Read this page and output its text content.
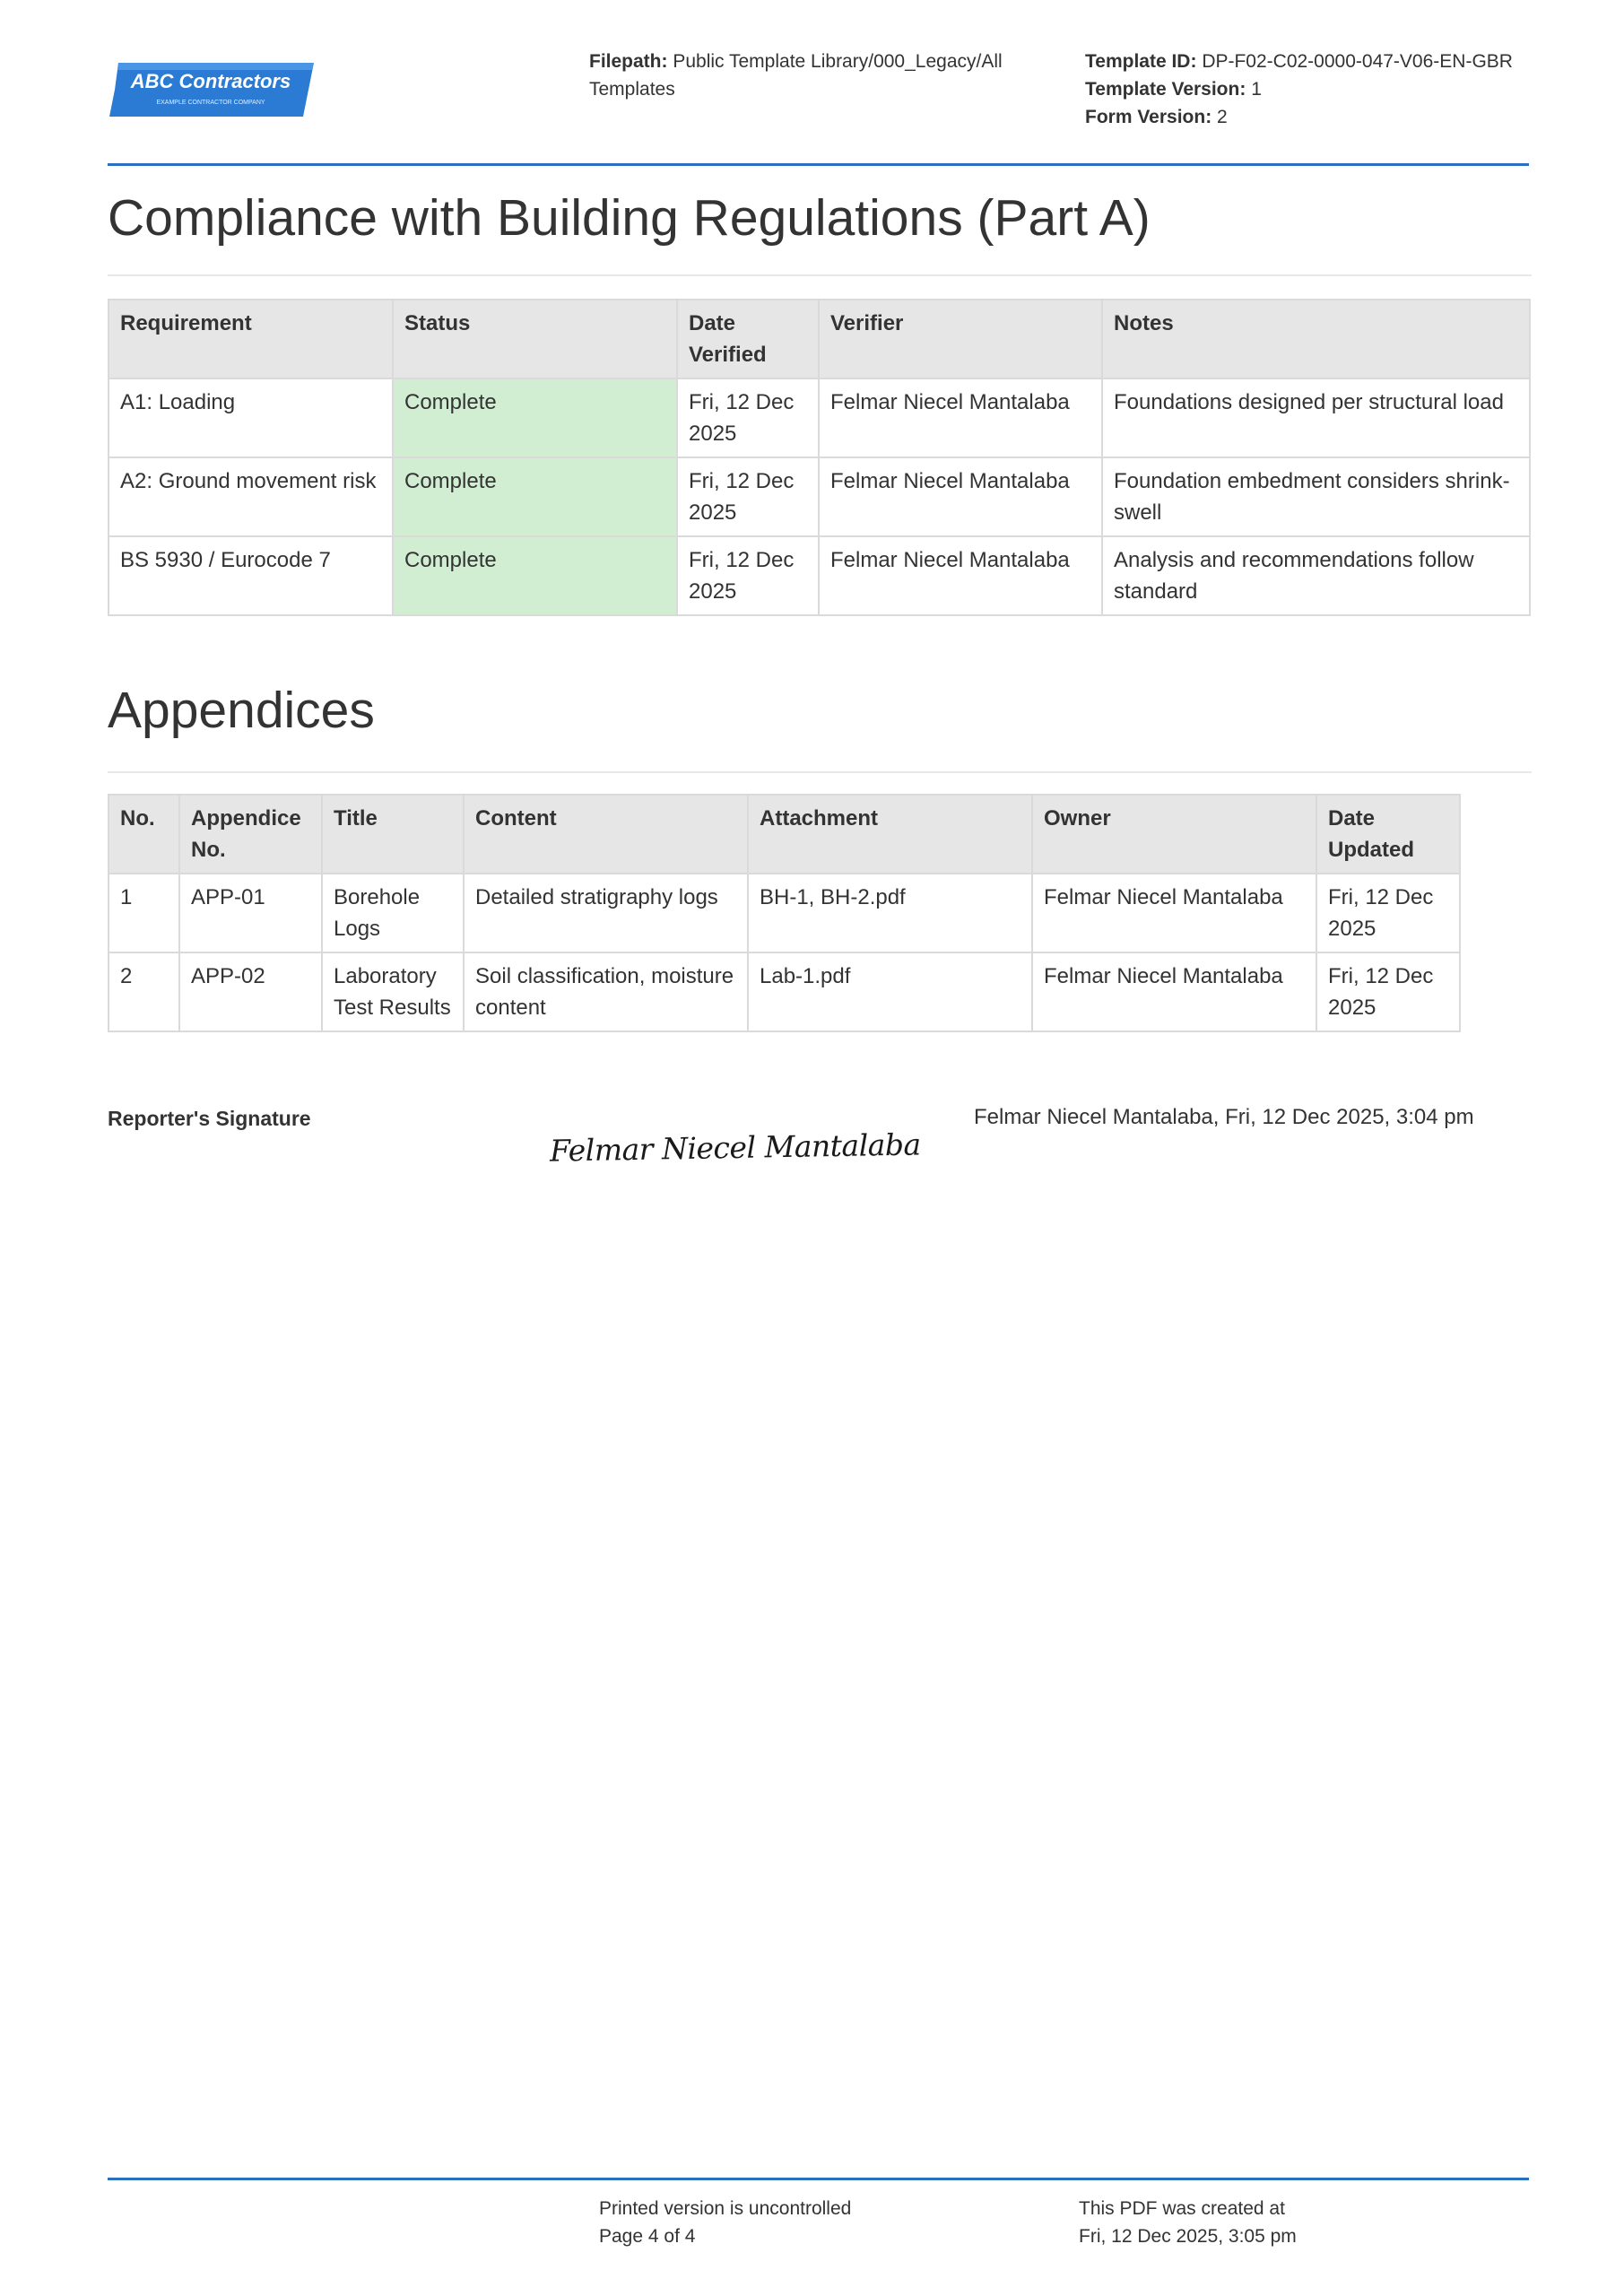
ABC Contractors
EXAMPLE CONTRACTOR COMPANY
Filepath: Public Template Library/000_Legacy/All Templates
Template ID: DP-F02-C02-0000-047-V06-EN-GBR
Template Version: 1
Form Version: 2
Compliance with Building Regulations (Part A)
Requirement	Status	Date Verified	Verifier	Notes
A1: Loading	Complete	Fri, 12 Dec 2025	Felmar Niecel Mantalaba	Foundations designed per structural load
A2: Ground movement risk	Complete	Fri, 12 Dec 2025	Felmar Niecel Mantalaba	Foundation embedment considers shrink-swell
BS 5930 / Eurocode 7	Complete	Fri, 12 Dec 2025	Felmar Niecel Mantalaba	Analysis and recommendations follow standard
Appendices
No.	Appendice No.	Title	Content	Attachment	Owner	Date Updated
1	APP-01	Borehole Logs	Detailed stratigraphy logs	BH-1, BH-2.pdf	Felmar Niecel Mantalaba	Fri, 12 Dec 2025
2	APP-02	Laboratory Test Results	Soil classification, moisture content	Lab-1.pdf	Felmar Niecel Mantalaba	Fri, 12 Dec 2025
Reporter's Signature
Felmar Niecel Mantalaba
Felmar Niecel Mantalaba, Fri, 12 Dec 2025, 3:04 pm
Printed version is uncontrolled
Page 4 of 4
This PDF was created at
Fri, 12 Dec 2025, 3:05 pm
